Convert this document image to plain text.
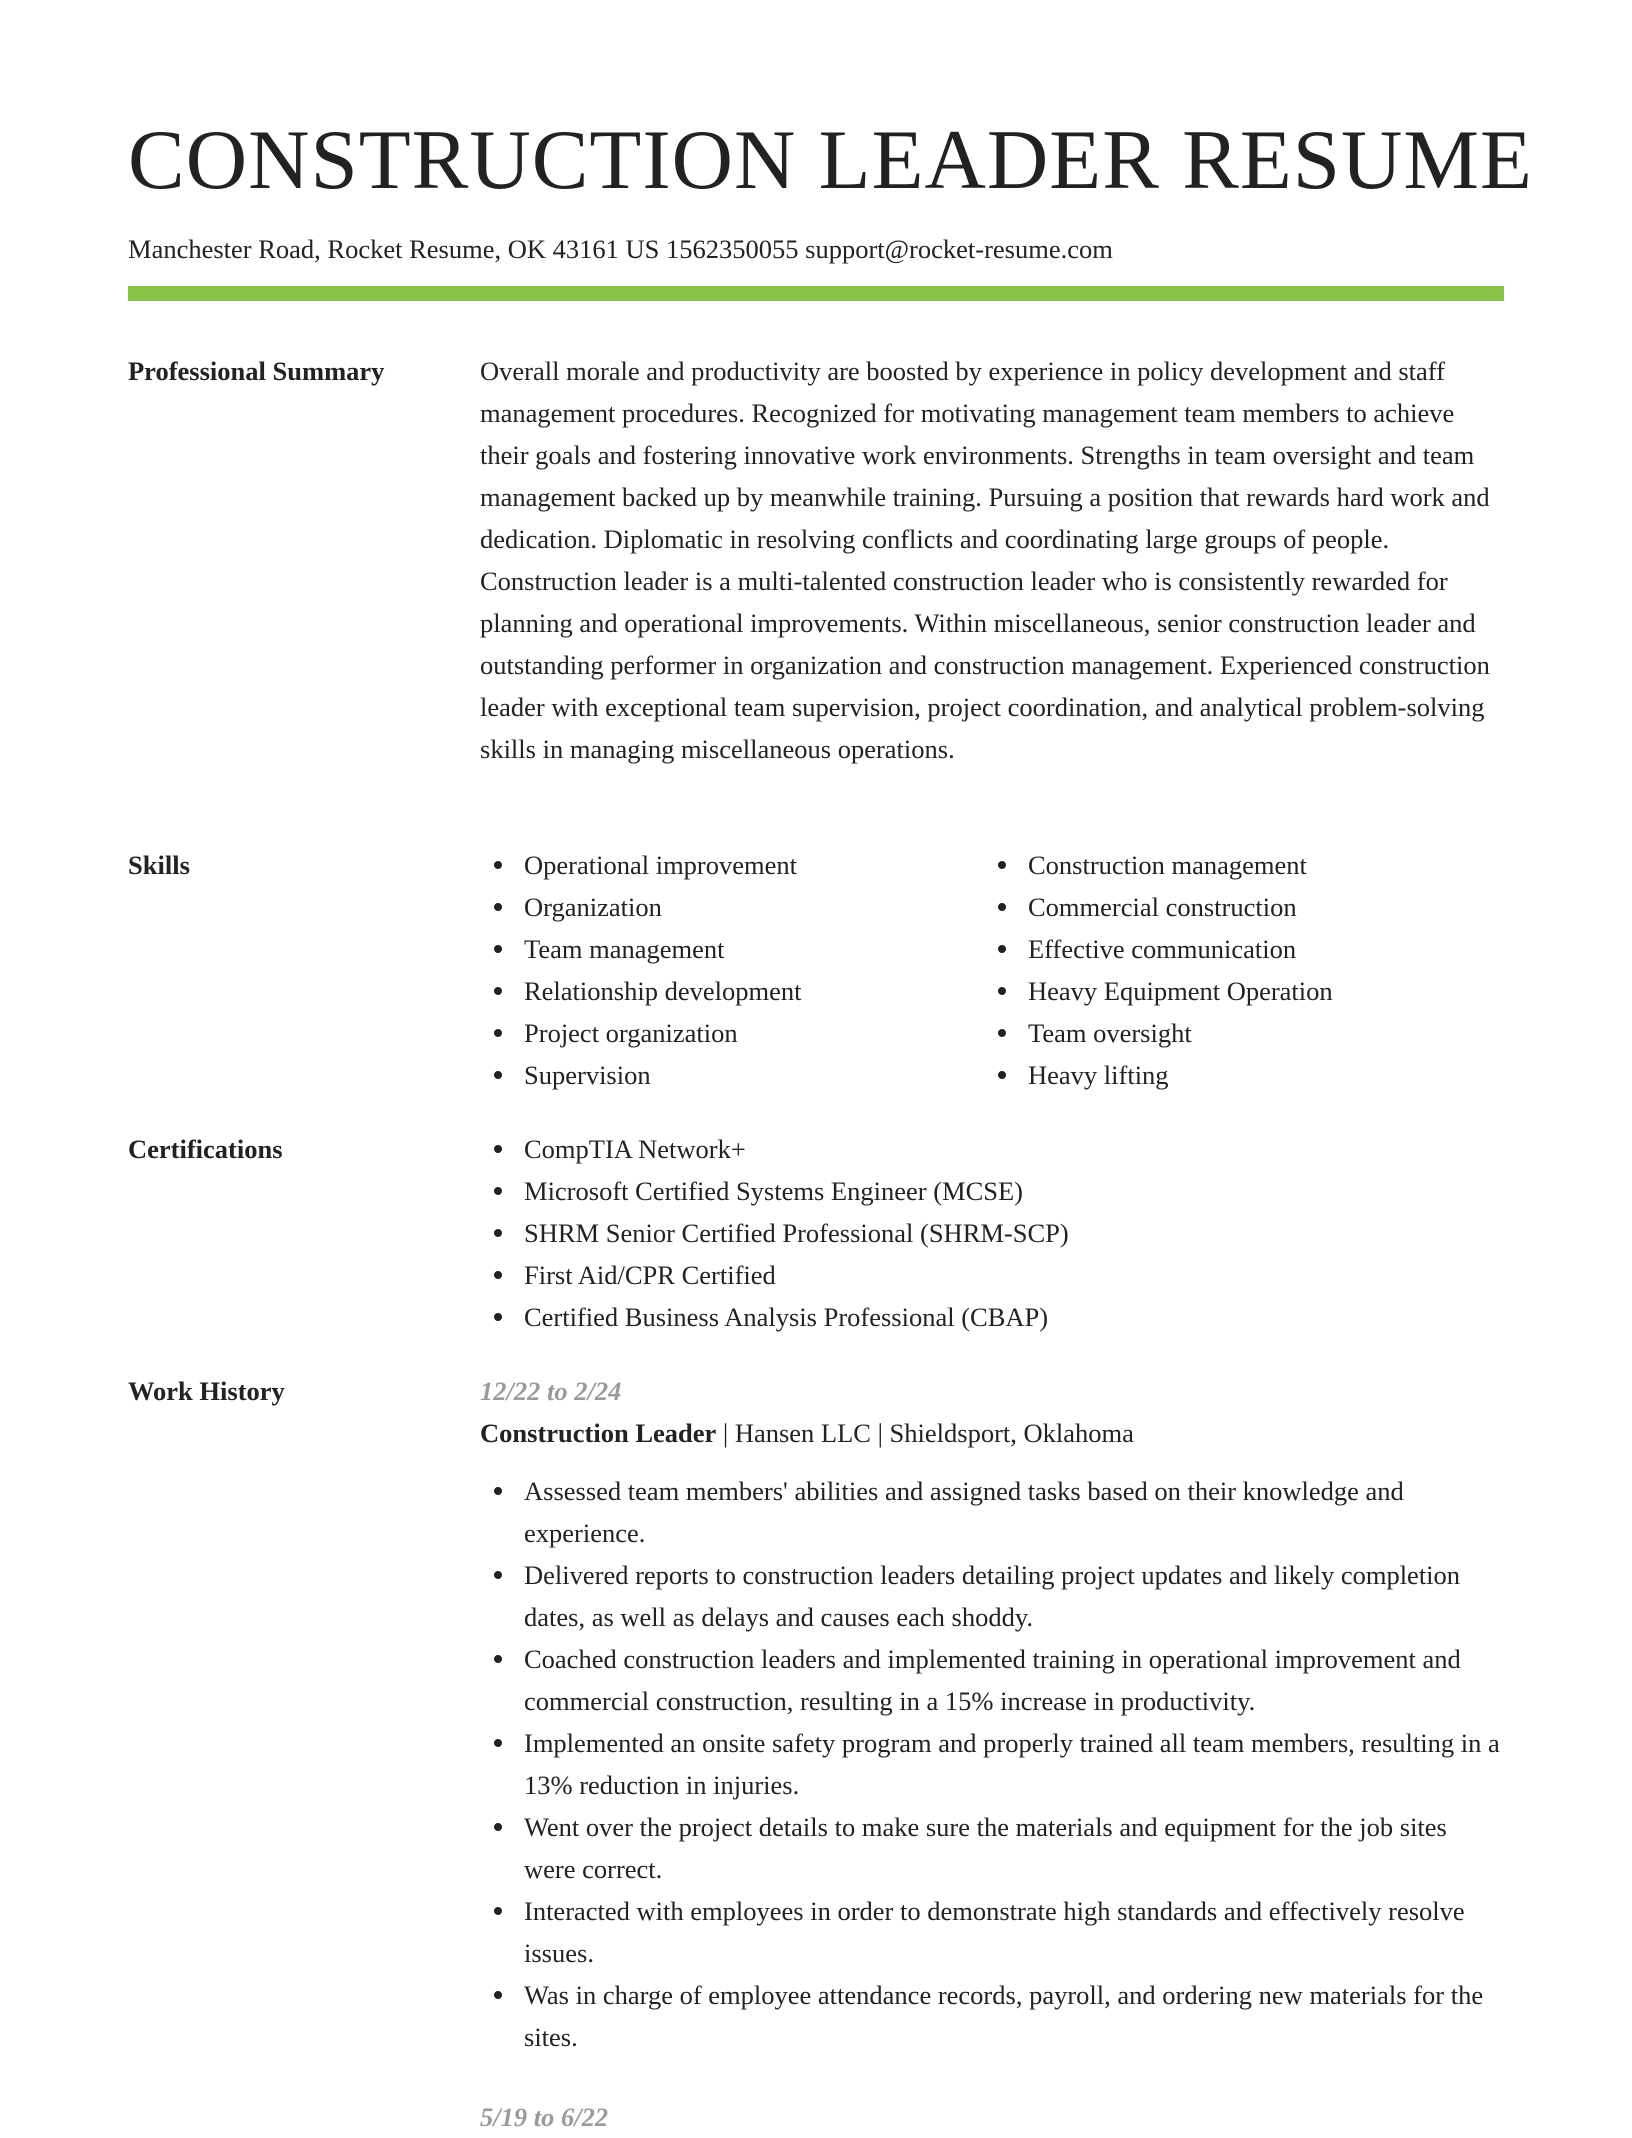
CONSTRUCTION LEADER RESUME
Manchester Road, Rocket Resume, OK 43161 US 1562350055 support@rocket-resume.com
Professional Summary	Overall morale and productivity are boosted by experience in policy development and staff management procedures. Recognized for motivating management team members to achieve their goals and fostering innovative work environments. Strengths in team oversight and team management backed up by meanwhile training. Pursuing a position that rewards hard work and dedication. Diplomatic in resolving conflicts and coordinating large groups of people. Construction leader is a multi-talented construction leader who is consistently rewarded for planning and operational improvements. Within miscellaneous, senior construction leader and outstanding performer in organization and construction management. Experienced construction leader with exceptional team supervision, project coordination, and analytical problem-solving skills in managing miscellaneous operations.

Skills	Operational improvement
Organization
Team management
Relationship development
Project organization
Supervision
Construction management
Commercial construction
Effective communication
Heavy Equipment Operation
Team oversight
Heavy lifting
Certifications	CompTIA Network+
Microsoft Certified Systems Engineer (MCSE)
SHRM Senior Certified Professional (SHRM-SCP)
First Aid/CPR Certified
Certified Business Analysis Professional (CBAP)
Work History	12/22 to 2/24
Construction Leader | Hansen LLC | Shieldsport, Oklahoma
Assessed team members' abilities and assigned tasks based on their knowledge and experience.
Delivered reports to construction leaders detailing project updates and likely completion dates, as well as delays and causes each shoddy.
Coached construction leaders and implemented training in operational improvement and commercial construction, resulting in a 15% increase in productivity.
Implemented an onsite safety program and properly trained all team members, resulting in a 13% reduction in injuries.
Went over the project details to make sure the materials and equipment for the job sites were correct.
Interacted with employees in order to demonstrate high standards and effectively resolve issues.
Was in charge of employee attendance records, payroll, and ordering new materials for the sites.
5/19 to 6/22
